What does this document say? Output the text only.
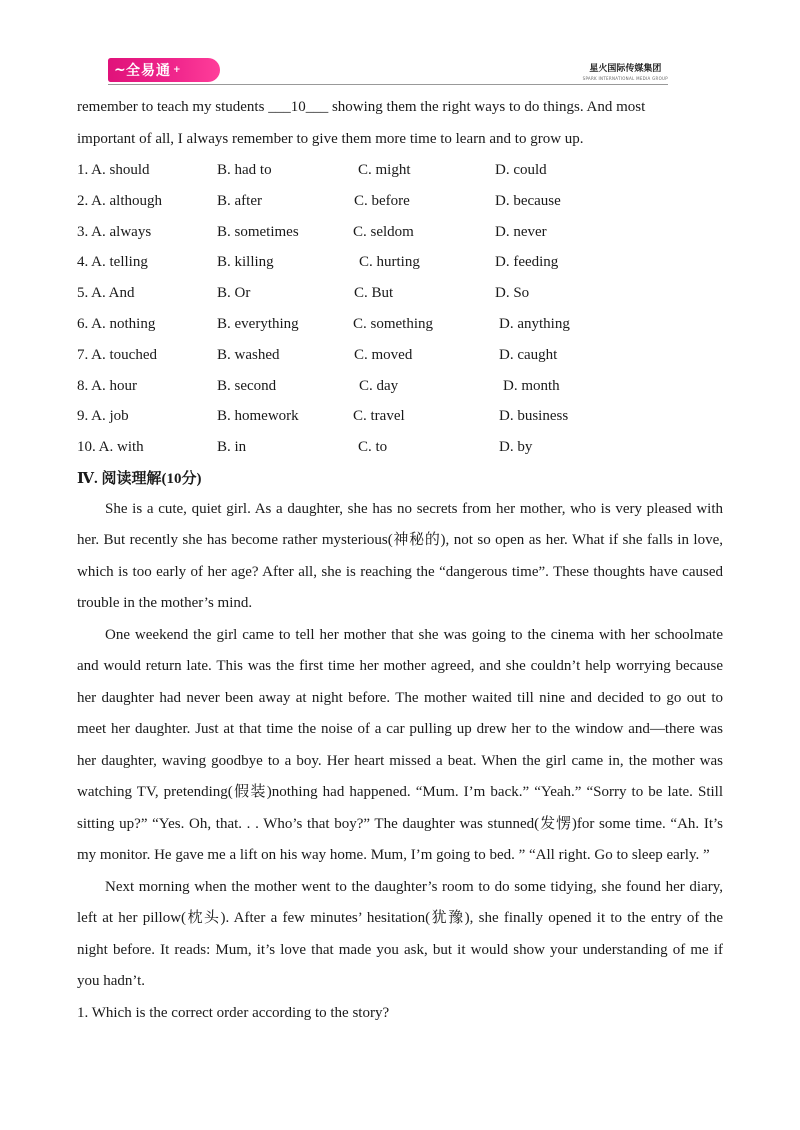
~ 全易通 +	星火国际传媒集团
SPARK INTERNATIONAL MEDIA GROUP

remember to teach my students ___10___ showing them the right ways to do things. And most

important of all, I always remember to give them more time to learn and to grow up.

1. A. should	B. had to	C. might	D. could
2. A. although	B. after	C. before	D. because
3. A. always	B. sometimes	C. seldom	D. never
4. A. telling	B. killing	C. hurting	D. feeding
5. A. And	B. Or	C. But	D. So
6. A. nothing	B. everything	C. something	D. anything
7. A. touched	B. washed	C. moved	D. caught
8. A. hour	B. second	C. day	D. month
9. A. job	B. homework	C. travel	D. business
10. A. with	B. in	C. to	D. by
Ⅳ. 阅读理解(10分)

She is a cute, quiet girl. As a daughter, she has no secrets from her mother, who is very pleased with her. But recently she has become rather mysterious(神秘的), not so open as her. What if she falls in love, which is too early of her age? After all, she is reaching the “dangerous time”. These thoughts have caused trouble in the mother’s mind.

One weekend the girl came to tell her mother that she was going to the cinema with her schoolmate and would return late. This was the first time her mother agreed, and she couldn’t help worrying because her daughter had never been away at night before. The mother waited till nine and decided to go out to meet her daughter. Just at that time the noise of a car pulling up drew her to the window and—there was her daughter, waving goodbye to a boy. Her heart missed a beat. When the girl came in, the mother was watching TV, pretending(假装)nothing had happened. “Mum. I’m back.” “Yeah.” “Sorry to be late. Still sitting up?” “Yes. Oh, that. . . Who’s that boy?” The daughter was stunned(发愣)for some time. “Ah. It’s my monitor. He gave me a lift on his way home. Mum, I’m going to bed. ” “All right. Go to sleep early. ”

Next morning when the mother went to the daughter’s room to do some tidying, she found her diary, left at her pillow(枕头). After a few minutes’ hesitation(犹豫), she finally opened it to the entry of the night before. It reads: Mum, it’s love that made you ask, but it would show your understanding of me if you hadn’t.

1. Which is the correct order according to the story?
